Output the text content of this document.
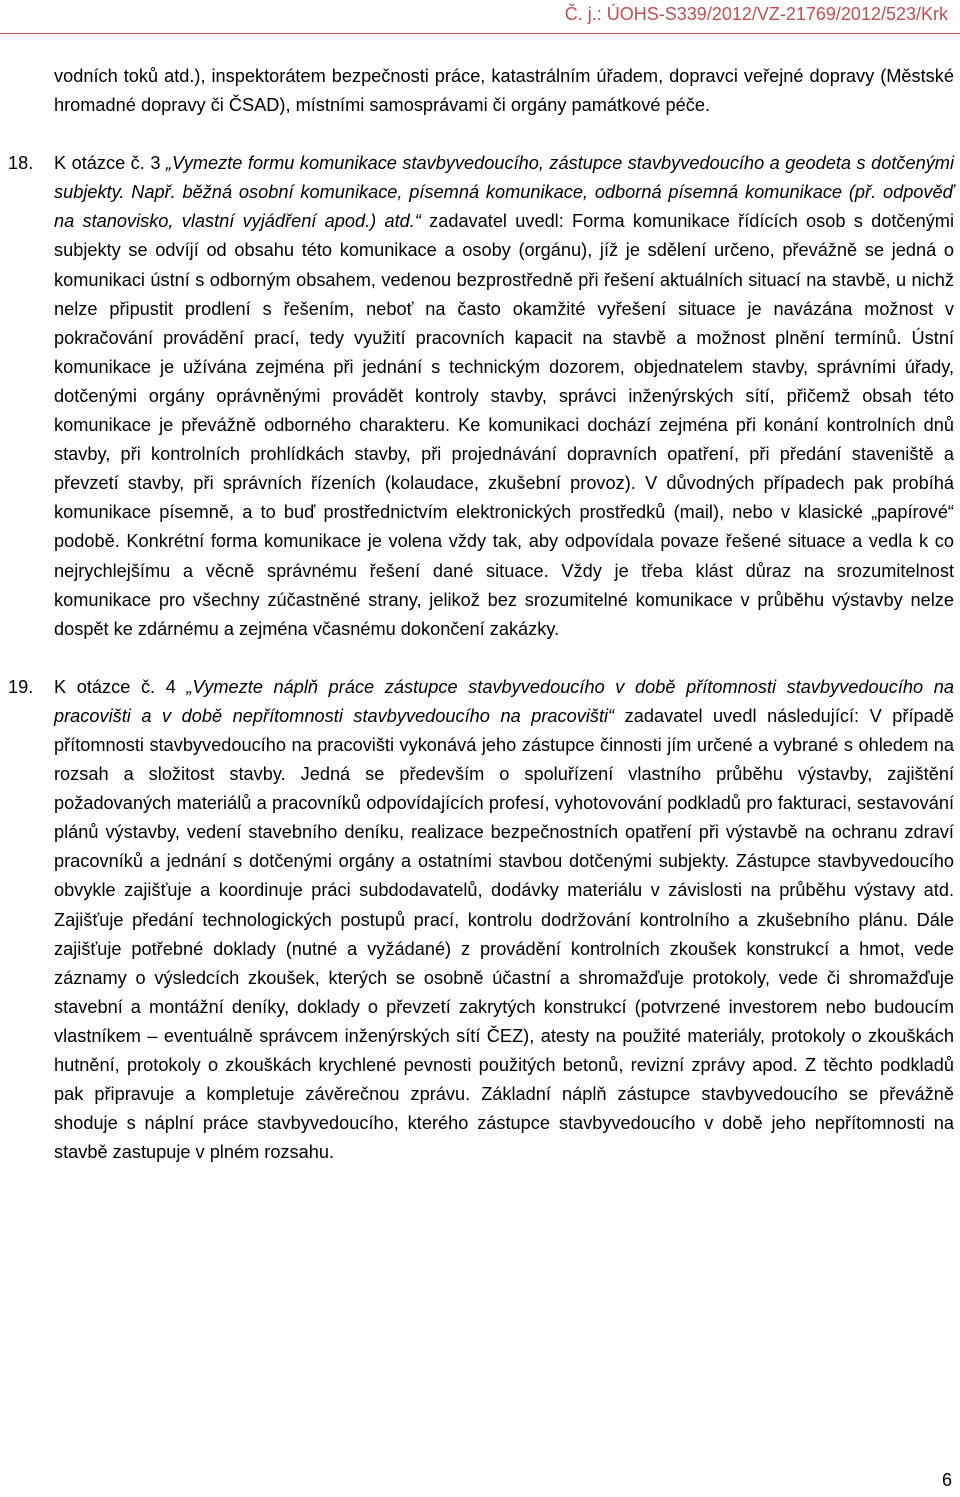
Č. j.: ÚOHS-S339/2012/VZ-21769/2012/523/Krk

vodních toků atd.), inspektorátem bezpečnosti práce, katastrálním úřadem, dopravci veřejné dopravy (Městské hromadné dopravy či ČSAD), místními samosprávami či orgány památkové péče.

18. K otázce č. 3 „Vymezte formu komunikace stavbyvedoucího, zástupce stavbyvedoucího a geodeta s dotčenými subjekty. Např. běžná osobní komunikace, písemná komunikace, odborná písemná komunikace (př. odpověď na stanovisko, vlastní vyjádření apod.) atd.“ zadavatel uvedl: Forma komunikace řídících osob s dotčenými subjekty se odvíjí od obsahu této komunikace a osoby (orgánu), jíž je sdělení určeno, převážně se jedná o komunikaci ústní s odborným obsahem, vedenou bezprostředně při řešení aktuálních situací na stavbě, u nichž nelze připustit prodlení s řešením, neboť na často okamžité vyřešení situace je navázána možnost v pokračování provádění prací, tedy využití pracovních kapacit na stavbě a možnost plnění termínů. Ústní komunikace je užívána zejména při jednání s technickým dozorem, objednatelem stavby, správními úřady, dotčenými orgány oprávněnými provádět kontroly stavby, správci inženýrských sítí, přičemž obsah této komunikace je převážně odborného charakteru. Ke komunikaci dochází zejména při konání kontrolních dnů stavby, při kontrolních prohlídkách stavby, při projednávání dopravních opatření, při předání staveniště a převzetí stavby, při správních řízeních (kolaudace, zkušební provoz). V důvodných případech pak probíhá komunikace písemně, a to buď prostřednictvím elektronických prostředků (mail), nebo v klasické „papírové“ podobě. Konkrétní forma komunikace je volena vždy tak, aby odpovídala povaze řešené situace a vedla k co nejrychlejšímu a věcně správnému řešení dané situace. Vždy je třeba klást důraz na srozumitelnost komunikace pro všechny zúčastněné strany, jelikož bez srozumitelné komunikace v průběhu výstavby nelze dospět ke zdárnému a zejména včasnému dokončení zakázky.

19. K otázce č. 4 „Vymezte náplň práce zástupce stavbyvedoucího v době přítomnosti stavbyvedoucího na pracovišti a v době nepřítomnosti stavbyvedoucího na pracovišti“ zadavatel uvedl následující: V případě přítomnosti stavbyvedoucího na pracovišti vykonává jeho zástupce činnosti jím určené a vybrané s ohledem na rozsah a složitost stavby. Jedná se především o spoluřízení vlastního průběhu výstavby, zajištění požadovaných materiálů a pracovníků odpovídajících profesí, vyhotovování podkladů pro fakturaci, sestavování plánů výstavby, vedení stavebního deníku, realizace bezpečnostních opatření při výstavbě na ochranu zdraví pracovníků a jednání s dotčenými orgány a ostatními stavbou dotčenými subjekty. Zástupce stavbyvedoucího obvykle zajišťuje a koordinuje práci subdodavatelů, dodávky materiálu v závislosti na průběhu výstavy atd. Zajišťuje předání technologických postupů prací, kontrolu dodržování kontrolního a zkušebního plánu. Dále zajišťuje potřebné doklady (nutné a vyžádané) z provádění kontrolních zkoušek konstrukcí a hmot, vede záznamy o výsledcích zkoušek, kterých se osobně účastní a shromažďuje protokoly, vede či shromažďuje stavební a montážní deníky, doklady o převzetí zakrytých konstrukcí (potvrzené investorem nebo budoucím vlastníkem – eventuálně správcem inženýrských sítí ČEZ), atesty na použité materiály, protokoly o zkouškách hutnění, protokoly o zkouškách krychlené pevnosti použitých betonů, revizní zprávy apod. Z těchto podkladů pak připravuje a kompletuje závěrečnou zprávu. Základní náplň zástupce stavbyvedoucího se převážně shoduje s náplní práce stavbyvedoucího, kterého zástupce stavbyvedoucího v době jeho nepřítomnosti na stavbě zastupuje v plném rozsahu.

6
